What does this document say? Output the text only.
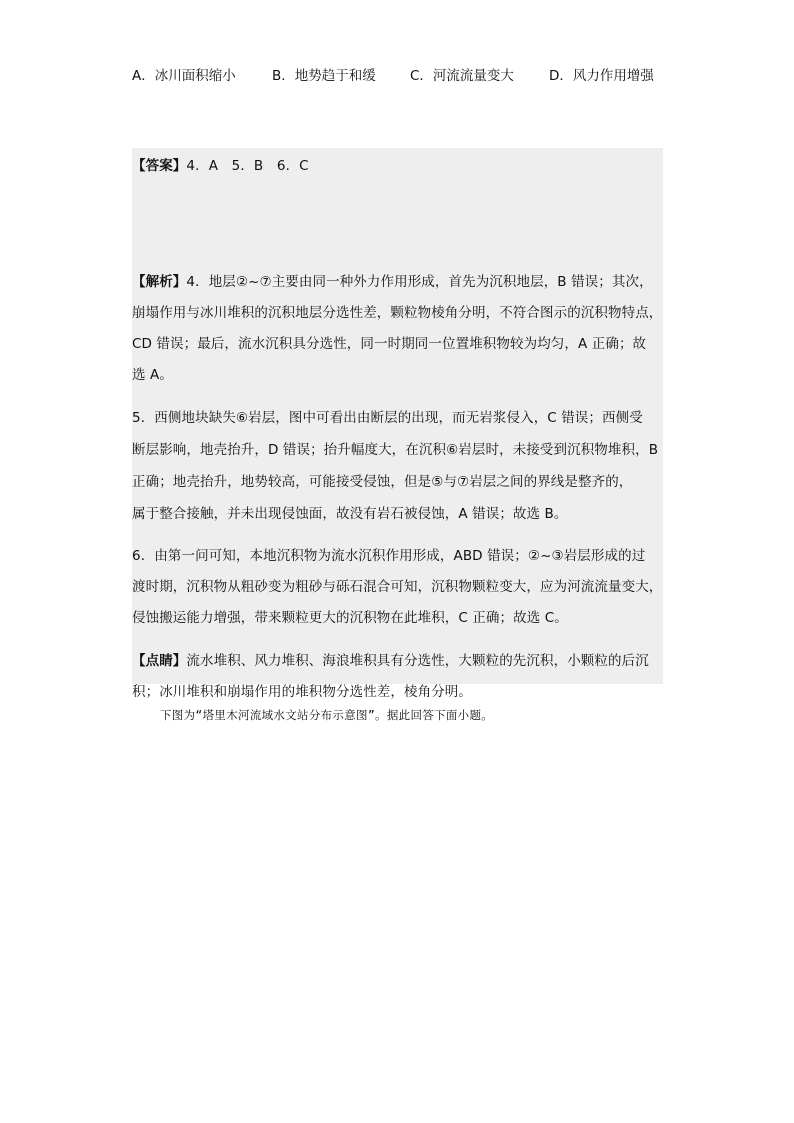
A．冰川面积缩小	B．地势趋于和缓	C．河流流量变大	D．风力作用增强
【答案】4．A　5．B　6．C
【解析】4．地层②~⑦主要由同一种外力作用形成，首先为沉积地层，B 错误；其次，
崩塌作用与冰川堆积的沉积地层分选性差，颗粒物棱角分明，不符合图示的沉积物特点，
CD 错误；最后，流水沉积具分选性，同一时期同一位置堆积物较为均匀，A 正确；故
选 A。
5．西侧地块缺失⑥岩层，图中可看出由断层的出现，而无岩浆侵入，C 错误；西侧受
断层影响，地壳抬升，D 错误；抬升幅度大，在沉积⑥岩层时，未接受到沉积物堆积，B
正确；地壳抬升，地势较高，可能接受侵蚀，但是⑤与⑦岩层之间的界线是整齐的，
属于整合接触，并未出现侵蚀面，故没有岩石被侵蚀，A 错误；故选 B。
6．由第一问可知，本地沉积物为流水沉积作用形成，ABD 错误；②~③岩层形成的过
渡时期，沉积物从粗砂变为粗砂与砾石混合可知，沉积物颗粒变大，应为河流流量变大，
侵蚀搬运能力增强，带来颗粒更大的沉积物在此堆积，C 正确；故选 C。
【点睛】流水堆积、风力堆积、海浪堆积具有分选性，大颗粒的先沉积，小颗粒的后沉
积；冰川堆积和崩塌作用的堆积物分选性差，棱角分明。
下图为“塔里木河流域水文站分布示意图”。据此回答下面小题。
